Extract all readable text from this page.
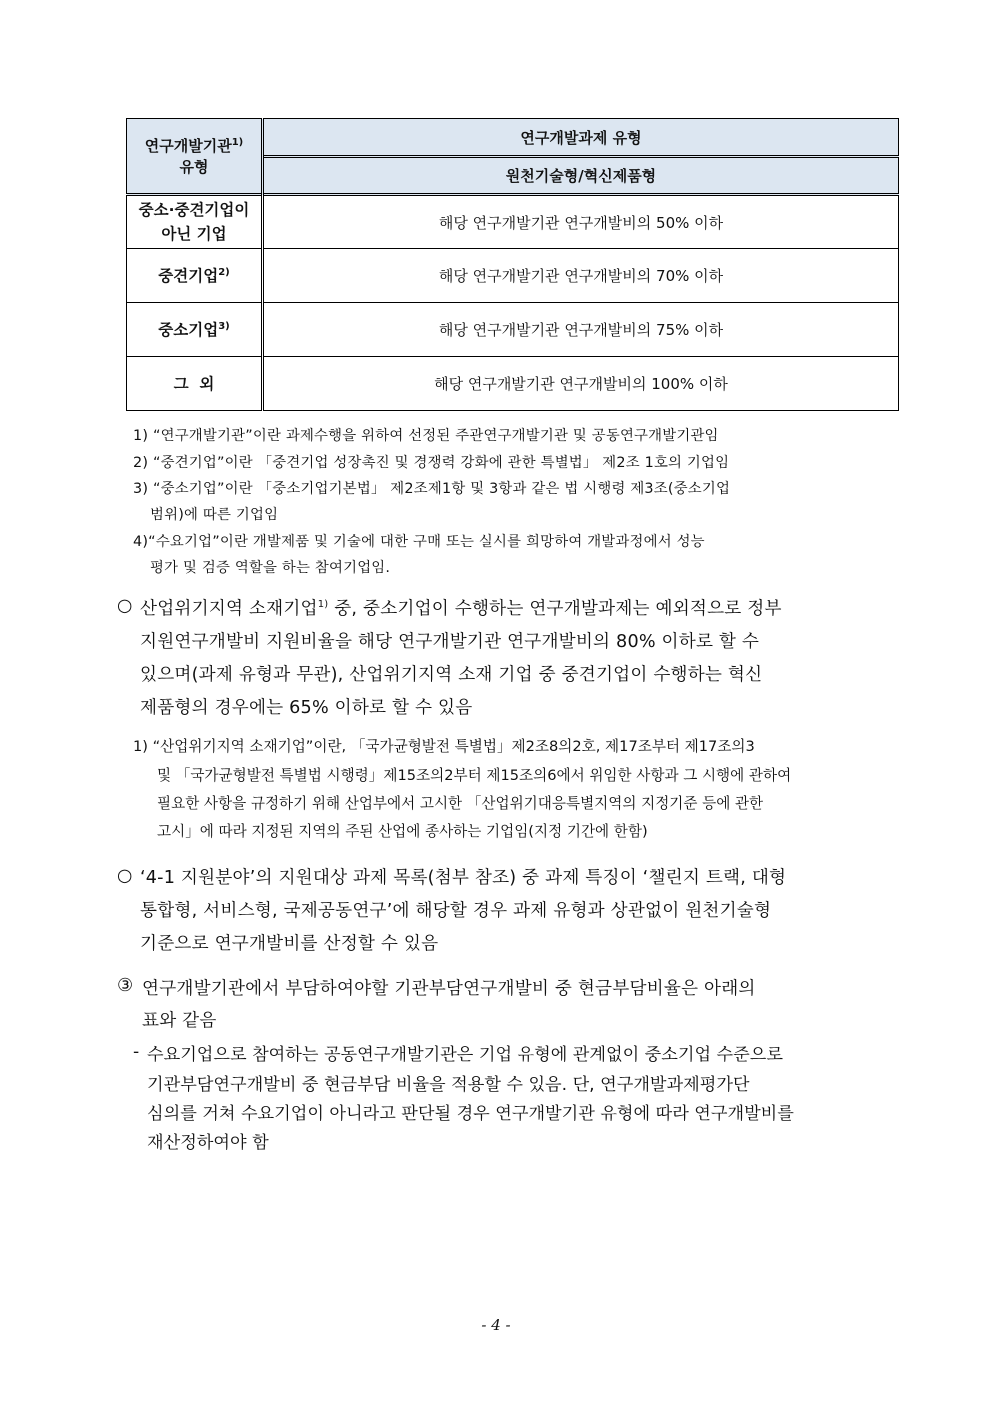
연구개발기관$^{1)}$
유형	연구개발과제 유형
	원천기술형/혁신제품형
중소·중견기업이
아닌 기업	해당 연구개발기관 연구개발비의 50% 이하
중견기업$^{2)}$	해당 연구개발기관 연구개발비의 70% 이하
중소기업$^{3)}$	해당 연구개발기관 연구개발비의 75% 이하
그  외	해당 연구개발기관 연구개발비의 100% 이하
1) “연구개발기관”이란 과제수행을 위하여 선정된 주관연구개발기관 및 공동연구개발기관임
2) “중견기업”이란 「중견기업 성장촉진 및 경쟁력 강화에 관한 특별법」 제2조 1호의 기업임
3) “중소기업”이란 「중소기업기본법」 제2조제1항 및 3항과 같은 법 시행령 제3조(중소기업
범위)에 따른 기업임
4)“수요기업”이란 개발제품 및 기술에 대한 구매 또는 실시를 희망하여 개발과정에서 성능
평가 및 검증 역할을 하는 참여기업임.
○ 산업위기지역 소재기업$^{1)}$ 중, 중소기업이 수행하는 연구개발과제는 예외적으로 정부
지원연구개발비 지원비율을 해당 연구개발기관 연구개발비의 80% 이하로 할 수
있으며(과제 유형과 무관), 산업위기지역 소재 기업 중 중견기업이 수행하는 혁신
제품형의 경우에는 65% 이하로 할 수 있음
1) “산업위기지역 소재기업”이란, 「국가균형발전 특별법」제2조8의2호, 제17조부터 제17조의3
및 「국가균형발전 특별법 시행령」제15조의2부터 제15조의6에서 위임한 사항과 그 시행에 관하여
필요한 사항을 규정하기 위해 산업부에서 고시한 「산업위기대응특별지역의 지정기준 등에 관한
고시」에 따라 지정된 지역의 주된 산업에 종사하는 기업임(지정 기간에 한함)
○ ‘4-1 지원분야’의 지원대상 과제 목록(첨부 참조) 중 과제 특징이 ‘챌린지 트랙, 대형
통합형, 서비스형, 국제공동연구’에 해당할 경우 과제 유형과 상관없이 원천기술형
기준으로 연구개발비를 산정할 수 있음
③ 연구개발기관에서 부담하여야할 기관부담연구개발비 중 현금부담비율은 아래의
표와 같음
- 수요기업으로 참여하는 공동연구개발기관은 기업 유형에 관계없이 중소기업 수준으로
기관부담연구개발비 중 현금부담 비율을 적용할 수 있음. 단, 연구개발과제평가단
심의를 거쳐 수요기업이 아니라고 판단될 경우 연구개발기관 유형에 따라 연구개발비를
재산정하여야 함
- 4 -
